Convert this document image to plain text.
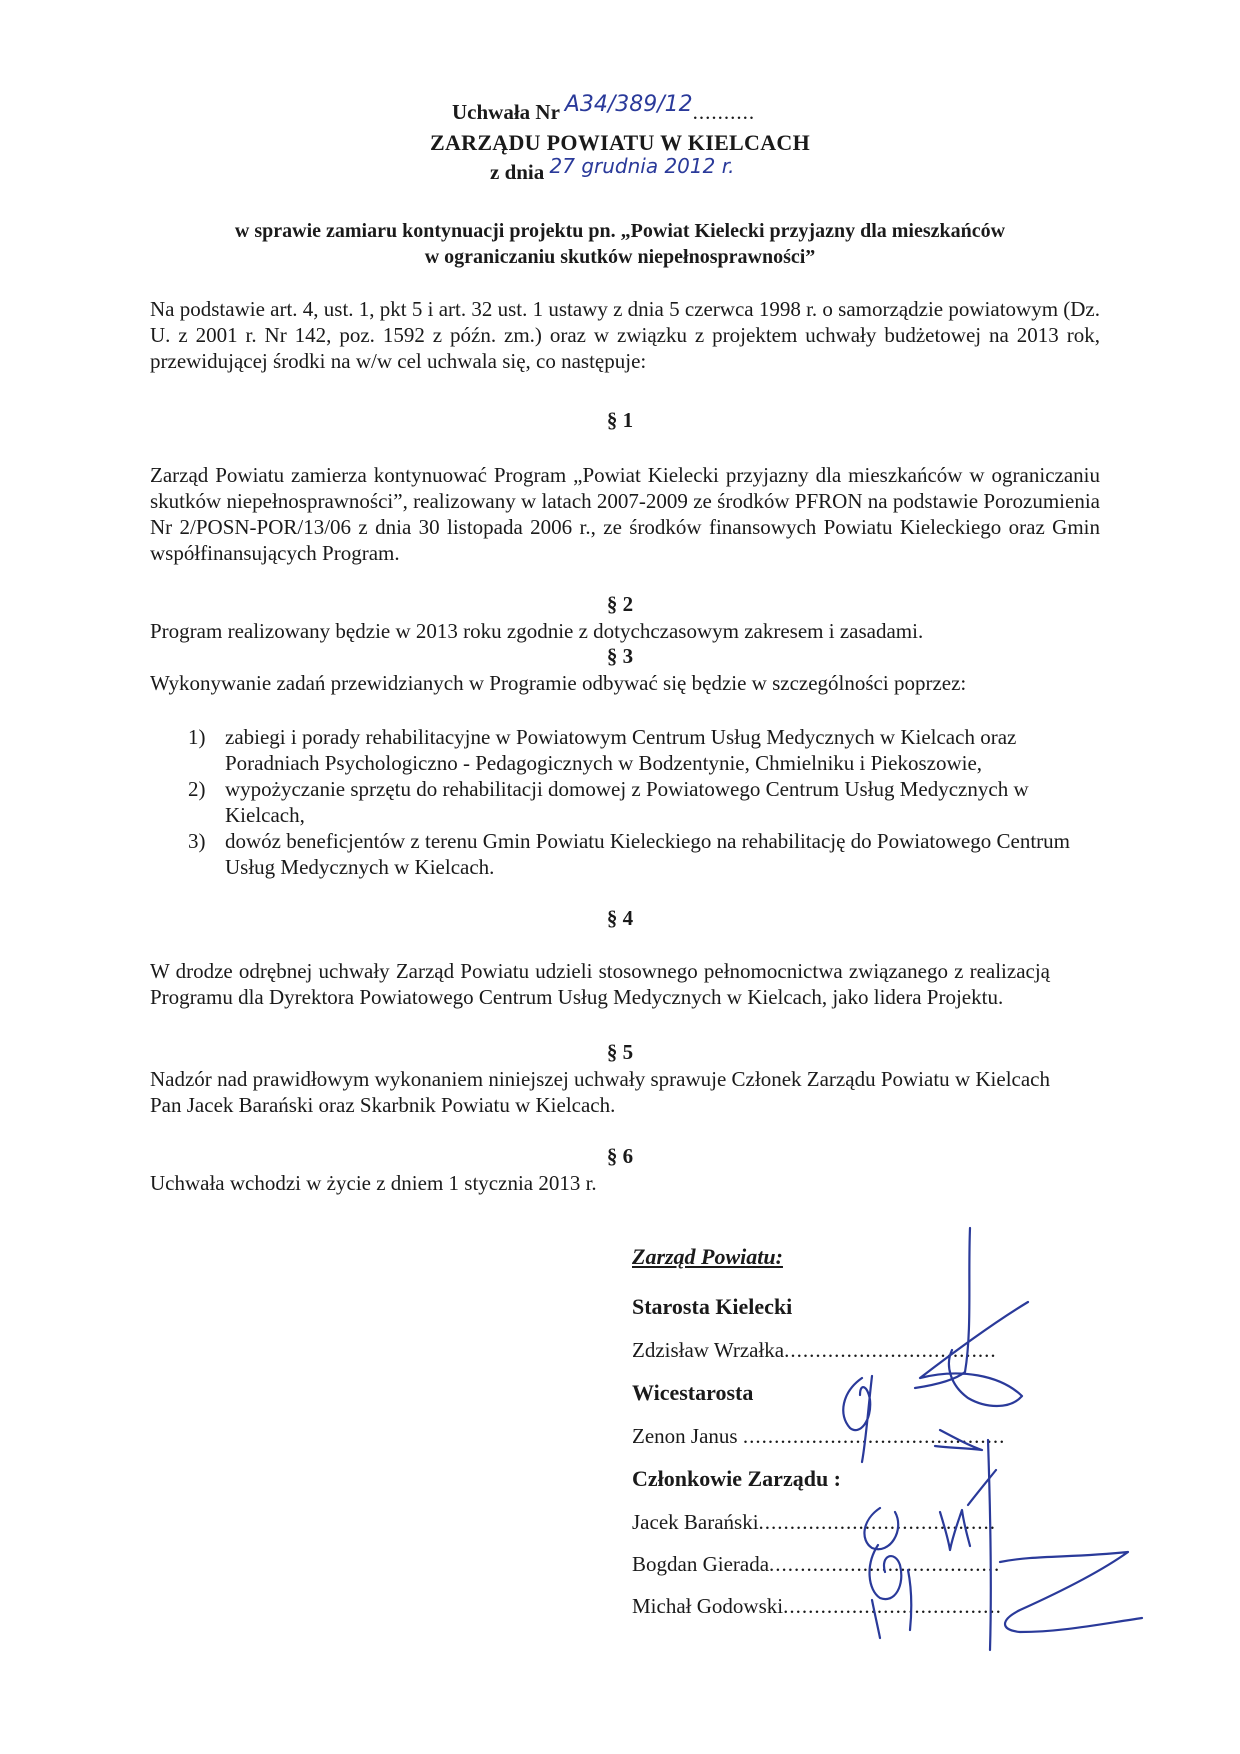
Uchwała Nr A34/389/12..........
ZARZĄDU POWIATU W KIELCACH
z dnia 27 grudnia 2012 r.
w sprawie zamiaru kontynuacji projektu pn. „Powiat Kielecki przyjazny dla mieszkańców
w ograniczaniu skutków niepełnosprawności”
Na podstawie art. 4, ust. 1, pkt 5 i art. 32 ust. 1 ustawy z dnia 5 czerwca 1998 r. o samorządzie powiatowym (Dz. U. z 2001 r. Nr 142, poz. 1592 z późn. zm.) oraz w związku z projektem uchwały budżetowej na 2013 rok, przewidującej środki na w/w cel uchwala się, co następuje:
§ 1
Zarząd Powiatu zamierza kontynuować Program „Powiat Kielecki przyjazny dla mieszkańców w ograniczaniu skutków niepełnosprawności”, realizowany w latach 2007-2009 ze środków PFRON na podstawie Porozumienia Nr 2/POSN-POR/13/06 z dnia 30 listopada 2006 r., ze środków finansowych Powiatu Kieleckiego oraz Gmin współfinansujących Program.
§ 2
Program realizowany będzie w 2013 roku zgodnie z dotychczasowym zakresem i zasadami.
§ 3
Wykonywanie zadań przewidzianych w Programie odbywać się będzie w szczególności poprzez:
1) zabiegi i porady rehabilitacyjne w Powiatowym Centrum Usług Medycznych w Kielcach oraz Poradniach Psychologiczno - Pedagogicznych w Bodzentynie, Chmielniku i Piekoszowie,
2) wypożyczanie sprzętu do rehabilitacji domowej z Powiatowego Centrum Usług Medycznych w Kielcach,
3) dowóz beneficjentów z terenu Gmin Powiatu Kieleckiego na rehabilitację do Powiatowego Centrum Usług Medycznych w Kielcach.
§ 4
W drodze odrębnej uchwały Zarząd Powiatu udzieli stosownego pełnomocnictwa związanego z realizacją Programu dla Dyrektora Powiatowego Centrum Usług Medycznych w Kielcach, jako lidera Projektu.
§ 5
Nadzór nad prawidłowym wykonaniem niniejszej uchwały sprawuje Członek Zarządu Powiatu w Kielcach Pan Jacek Barański oraz Skarbnik Powiatu w Kielcach.
§ 6
Uchwała wchodzi w życie z dniem 1 stycznia 2013 r.
Zarząd Powiatu:
Starosta Kielecki
Zdzisław Wrzałka..................................
Wicestarosta
Zenon Janus ..........................................
Członkowie Zarządu :
Jacek Barański......................................
Bogdan Gierada.....................................
Michał Godowski...................................
